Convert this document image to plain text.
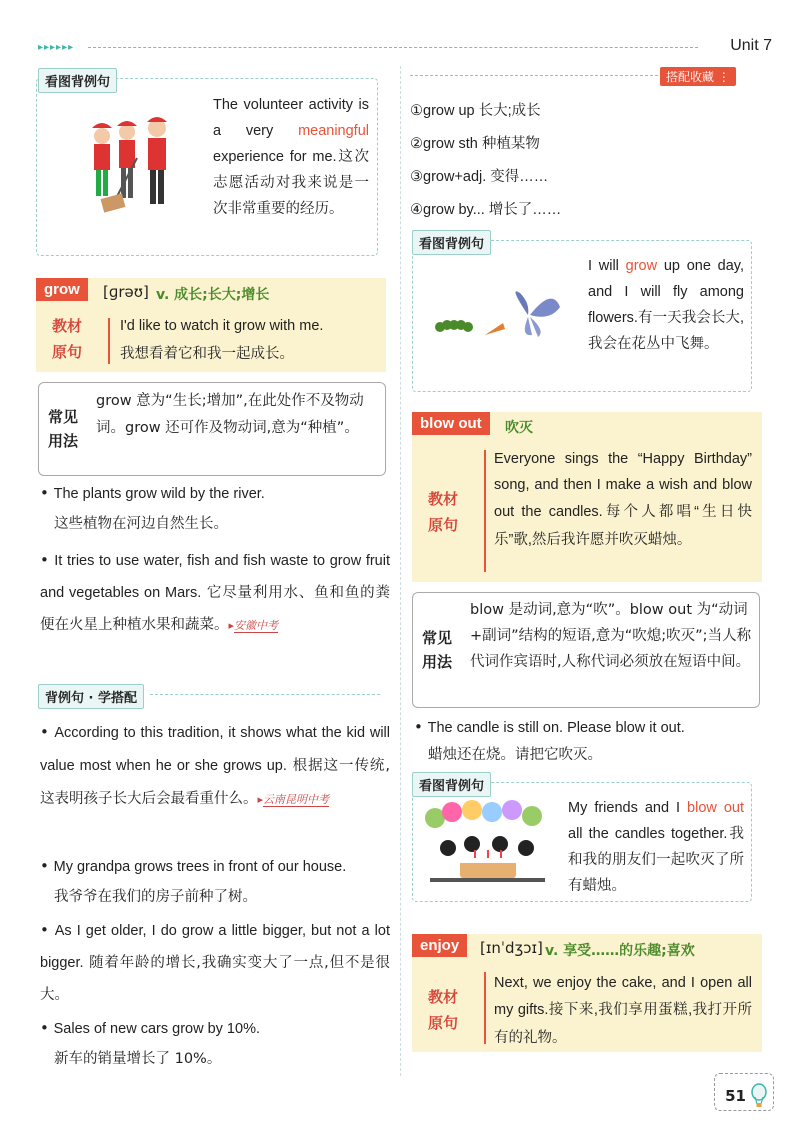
▸▸▸▸▸▸	Unit 7
看图背例句
The volunteer activity is a very meaningful experience for me.这次志愿活动对我来说是一次非常重要的经历。
grow	[ɡrəʊ] v. 成长;长大;增长
教材
原句
I'd like to watch it grow with me.
我想看着它和我一起成长。
常见
用法
grow 意为“生长;增加”,在此处作不及物动词。grow 还可作及物动词,意为“种植”。
• The plants grow wild by the river.
这些植物在河边自然生长。
• It tries to use water, fish and fish waste to grow fruit and vegetables on Mars. 它尽量利用水、鱼和鱼的粪便在火星上种植水果和蔬菜。▸安徽中考
背例句 · 学搭配
• According to this tradition, it shows what the kid will value most when he or she grows up. 根据这一传统,这表明孩子长大后会最看重什么。▸云南昆明中考
• My grandpa grows trees in front of our house.
我爷爷在我们的房子前种了树。
• As I get older, I do grow a little bigger, but not a lot bigger. 随着年龄的增长,我确实变大了一点,但不是很大。
• Sales of new cars grow by 10%.
新车的销量增长了 10%。
搭配收藏 ⋮
①grow up 长大;成长
②grow sth 种植某物
③grow+adj. 变得……
④grow by... 增长了……
看图背例句
I will grow up one day, and I will fly among flowers.有一天我会长大,我会在花丛中飞舞。
blow out	吹灭
教材
原句
Everyone sings the “Happy Birthday” song, and then I make a wish and blow out the candles.每个人都唱“生日快乐”歌,然后我许愿并吹灭蜡烛。
常见
用法
blow 是动词,意为“吹”。blow out 为“动词+副词”结构的短语,意为“吹熄;吹灭”;当人称代词作宾语时,人称代词必须放在短语中间。
• The candle is still on. Please blow it out.
蜡烛还在烧。请把它吹灭。
看图背例句
My friends and I blow out all the candles together.我和我的朋友们一起吹灭了所有蜡烛。
enjoy	[ɪnˈdʒɔɪ] v. 享受……的乐趣;喜欢
教材
原句
Next, we enjoy the cake, and I open all my gifts.接下来,我们享用蛋糕,我打开所有的礼物。
51
